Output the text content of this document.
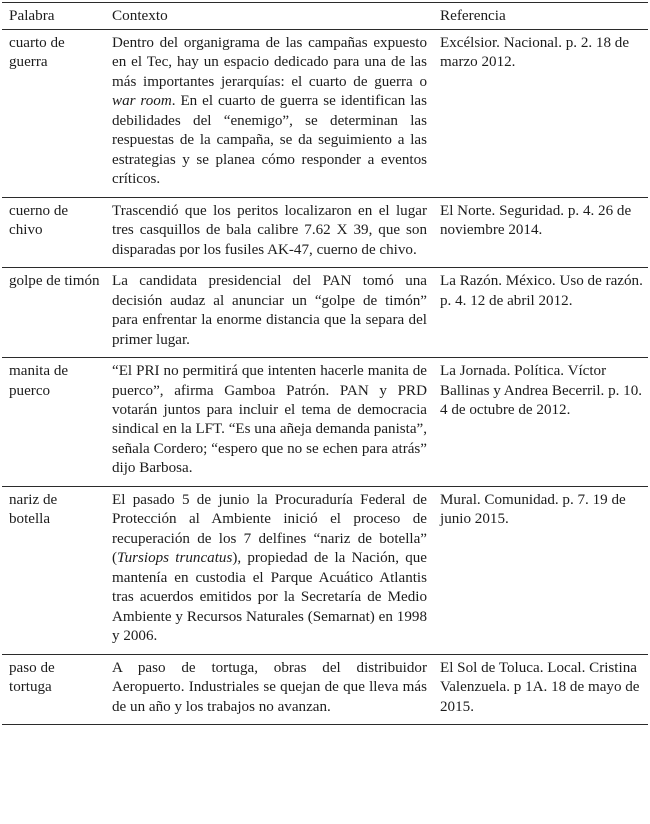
Palabra	Contexto	Referencia
cuarto de guerra	Dentro del organigrama de las campañas expuesto en el Tec, hay un espacio dedicado para una de las más importantes jerarquías: el cuarto de guerra o war room. En el cuarto de guerra se identifican las debilidades del “enemigo”, se determinan las respuestas de la campaña, se da seguimiento a las estrategias y se planea cómo responder a eventos críticos.	Excélsior. Nacional. p. 2. 18 de marzo 2012.
cuerno de chivo	Trascendió que los peritos localizaron en el lugar tres casquillos de bala calibre 7.62 X 39, que son disparadas por los fusiles AK-47, cuerno de chivo.	El Norte. Seguridad. p. 4. 26 de noviembre 2014.
golpe de timón	La candidata presidencial del PAN tomó una decisión audaz al anunciar un “golpe de timón” para enfrentar la enorme distancia que la separa del primer lugar.	La Razón. México. Uso de razón. p. 4. 12 de abril 2012.
manita de puerco	“El PRI no permitirá que intenten hacerle manita de puerco”, afirma Gamboa Patrón. PAN y PRD votarán juntos para incluir el tema de democracia sindical en la LFT. “Es una añeja demanda panista”, señala Cordero; “espero que no se echen para atrás” dijo Barbosa.	La Jornada. Política. Víctor Ballinas y Andrea Becerril. p. 10. 4 de octubre de 2012.
nariz de botella	El pasado 5 de junio la Procuraduría Federal de Protección al Ambiente inició el proceso de recuperación de los 7 delfines “nariz de botella” (Tursiops truncatus), propiedad de la Nación, que mantenía en custodia el Parque Acuático Atlantis tras acuerdos emitidos por la Secretaría de Medio Ambiente y Recursos Naturales (Semarnat) en 1998 y 2006.	Mural. Comunidad. p. 7. 19 de junio 2015.
paso de tortuga	A paso de tortuga, obras del distribuidor Aeropuerto. Industriales se quejan de que lleva más de un año y los trabajos no avanzan.	El Sol de Toluca. Local. Cristina Valenzuela. p 1A. 18 de mayo de 2015.
